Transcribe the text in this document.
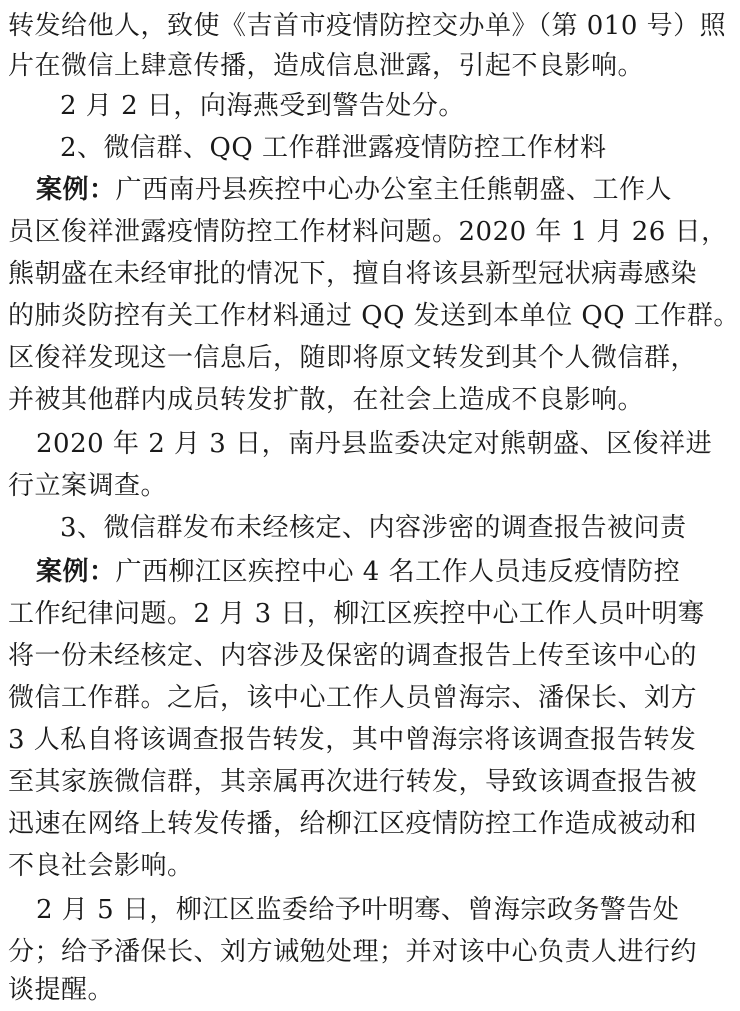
转发给他人，致使《吉首市疫情防控交办单》（第 010 号）照
片在微信上肆意传播，造成信息泄露，引起不良影响。
2 月 2 日，向海燕受到警告处分。
2、微信群、QQ 工作群泄露疫情防控工作材料
案例：广西南丹县疾控中心办公室主任熊朝盛、工作人
员区俊祥泄露疫情防控工作材料问题。2020 年 1 月 26 日，
熊朝盛在未经审批的情况下，擅自将该县新型冠状病毒感染
的肺炎防控有关工作材料通过 QQ 发送到本单位 QQ 工作群。
区俊祥发现这一信息后，随即将原文转发到其个人微信群，
并被其他群内成员转发扩散，在社会上造成不良影响。
2020 年 2 月 3 日，南丹县监委决定对熊朝盛、区俊祥进
行立案调查。
3、微信群发布未经核定、内容涉密的调查报告被问责
案例：广西柳江区疾控中心 4 名工作人员违反疫情防控
工作纪律问题。2 月 3 日，柳江区疾控中心工作人员叶明骞
将一份未经核定、内容涉及保密的调查报告上传至该中心的
微信工作群。之后，该中心工作人员曾海宗、潘保长、刘方
3 人私自将该调查报告转发，其中曾海宗将该调查报告转发
至其家族微信群，其亲属再次进行转发，导致该调查报告被
迅速在网络上转发传播，给柳江区疫情防控工作造成被动和
不良社会影响。
2 月 5 日，柳江区监委给予叶明骞、曾海宗政务警告处
分；给予潘保长、刘方诫勉处理；并对该中心负责人进行约
谈提醒。
